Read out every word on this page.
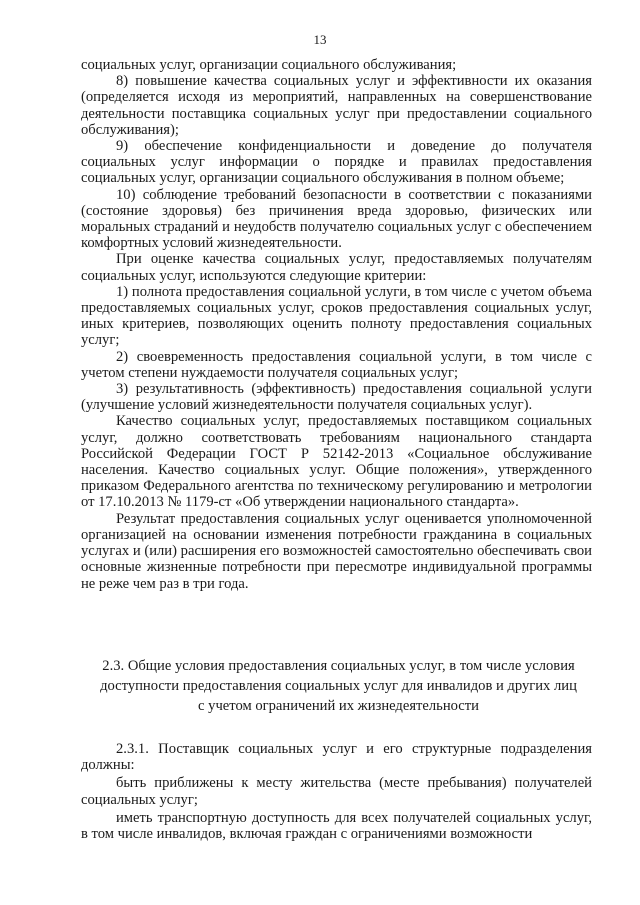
13

социальных услуг, организации социального обслуживания;

8) повышение качества социальных услуг и эффективности их оказания (определяется исходя из мероприятий, направленных на совершенствование деятельности поставщика социальных услуг при предоставлении социального обслуживания);

9) обеспечение конфиденциальности и доведение до получателя социальных услуг информации о порядке и правилах предоставления социальных услуг, организации социального обслуживания в полном объеме;

10) соблюдение требований безопасности в соответствии с показаниями (состояние здоровья) без причинения вреда здоровью, физических или моральных страданий и неудобств получателю социальных услуг с обеспечением комфортных условий жизнедеятельности.

При оценке качества социальных услуг, предоставляемых получателям социальных услуг, используются следующие критерии:

1) полнота предоставления социальной услуги, в том числе с учетом объема предоставляемых социальных услуг, сроков предоставления социальных услуг, иных критериев, позволяющих оценить полноту предоставления социальных услуг;

2) своевременность предоставления социальной услуги, в том числе с учетом степени нуждаемости получателя социальных услуг;

3) результативность (эффективность) предоставления социальной услуги (улучшение условий жизнедеятельности получателя социальных услуг).

Качество социальных услуг, предоставляемых поставщиком социальных услуг, должно соответствовать требованиям национального стандарта Российской Федерации ГОСТ Р 52142-2013 «Социальное обслуживание населения. Качество социальных услуг. Общие положения», утвержденного приказом Федерального агентства по техническому регулированию и метрологии от 17.10.2013 № 1179-ст «Об утверждении национального стандарта».

Результат предоставления социальных услуг оценивается уполномоченной организацией на основании изменения потребности гражданина в социальных услугах и (или) расширения его возможностей самостоятельно обеспечивать свои основные жизненные потребности при пересмотре индивидуальной программы не реже чем раз в три года.

2.3. Общие условия предоставления социальных услуг, в том числе условия
доступности предоставления социальных услуг для инвалидов и других лиц
с учетом ограничений их жизнедеятельности

2.3.1. Поставщик социальных услуг и его структурные подразделения должны:

быть приближены к месту жительства (месте пребывания) получателей социальных услуг;

иметь транспортную доступность для всех получателей социальных услуг, в том числе инвалидов, включая граждан с ограничениями возможности
